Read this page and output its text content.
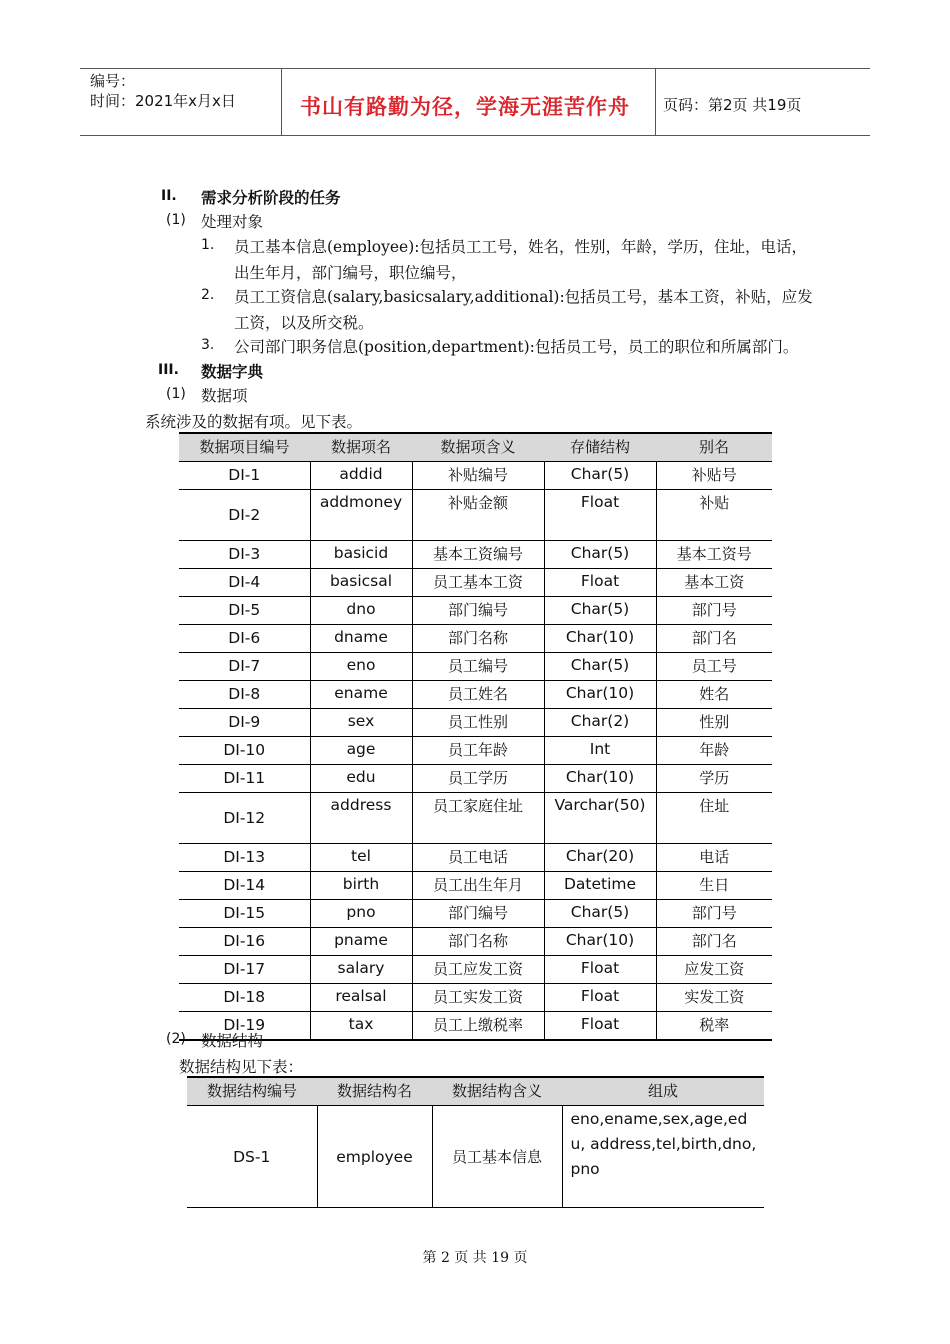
编号：
时间：2021年x月x日	书山有路勤为径，学海无涯苦作舟 页码：第2页 共19页
II. 需求分析阶段的任务
(1) 处理对象
1. 员工基本信息(employee):包括员工工号，姓名，性别，年龄，学历，住址，电话，
出生年月，部门编号，职位编号，
2. 员工工资信息(salary,basicsalary,additional):包括员工号，基本工资，补贴，应发
工资，以及所交税。
3. 公司部门职务信息(position,department):包括员工号，员工的职位和所属部门。
III. 数据字典
(1) 数据项
系统涉及的数据有项。见下表。
数据项目编号	数据项名	数据项含义	存储结构	别名
DI-1	addid	补贴编号	Char(5)	补贴号
DI-2	addmoney	补贴金额	Float	补贴
DI-3	basicid	基本工资编号	Char(5)	基本工资号
DI-4	basicsal	员工基本工资	Float	基本工资
DI-5	dno	部门编号	Char(5)	部门号
DI-6	dname	部门名称	Char(10)	部门名
DI-7	eno	员工编号	Char(5)	员工号
DI-8	ename	员工姓名	Char(10)	姓名
DI-9	sex	员工性别	Char(2)	性别
DI-10	age	员工年龄	Int	年龄
DI-11	edu	员工学历	Char(10)	学历
DI-12	address	员工家庭住址	Varchar(50)	住址
DI-13	tel	员工电话	Char(20)	电话
DI-14	birth	员工出生年月	Datetime	生日
DI-15	pno	部门编号	Char(5)	部门号
DI-16	pname	部门名称	Char(10)	部门名
DI-17	salary	员工应发工资	Float	应发工资
DI-18	realsal	员工实发工资	Float	实发工资
DI-19	tax	员工上缴税率	Float	税率
(2) 数据结构
数据结构见下表：
数据结构编号	数据结构名	数据结构含义	组成
DS-1	employee	员工基本信息	eno,ename,sex,age,edu, address,tel,birth,dno,pno
第 2 页 共 19 页
